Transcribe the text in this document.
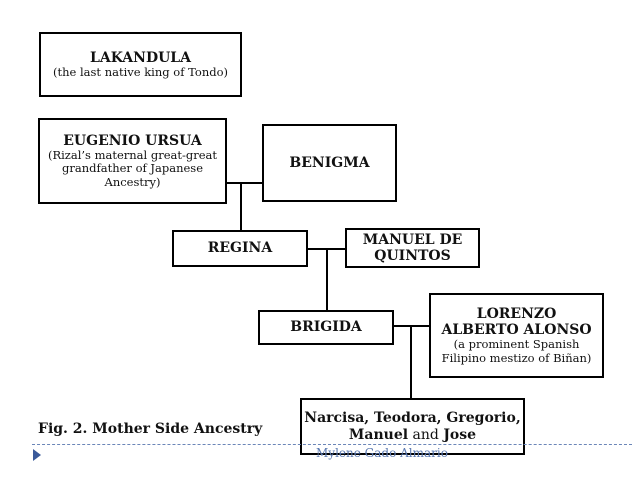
LAKANDULA
(the last native king of Tondo)
EUGENIO URSUA
(Rizal’s maternal great-great grandfather of Japanese Ancestry)
BENIGMA
REGINA
MANUEL DE QUINTOS
BRIGIDA
LORENZO ALBERTO ALONSO
(a prominent Spanish Filipino mestizo of Biñan)
Narcisa, Teodora, Gregorio,
Manuel and Jose
Fig. 2. Mother Side Ancestry
Mylene Gado Almario
